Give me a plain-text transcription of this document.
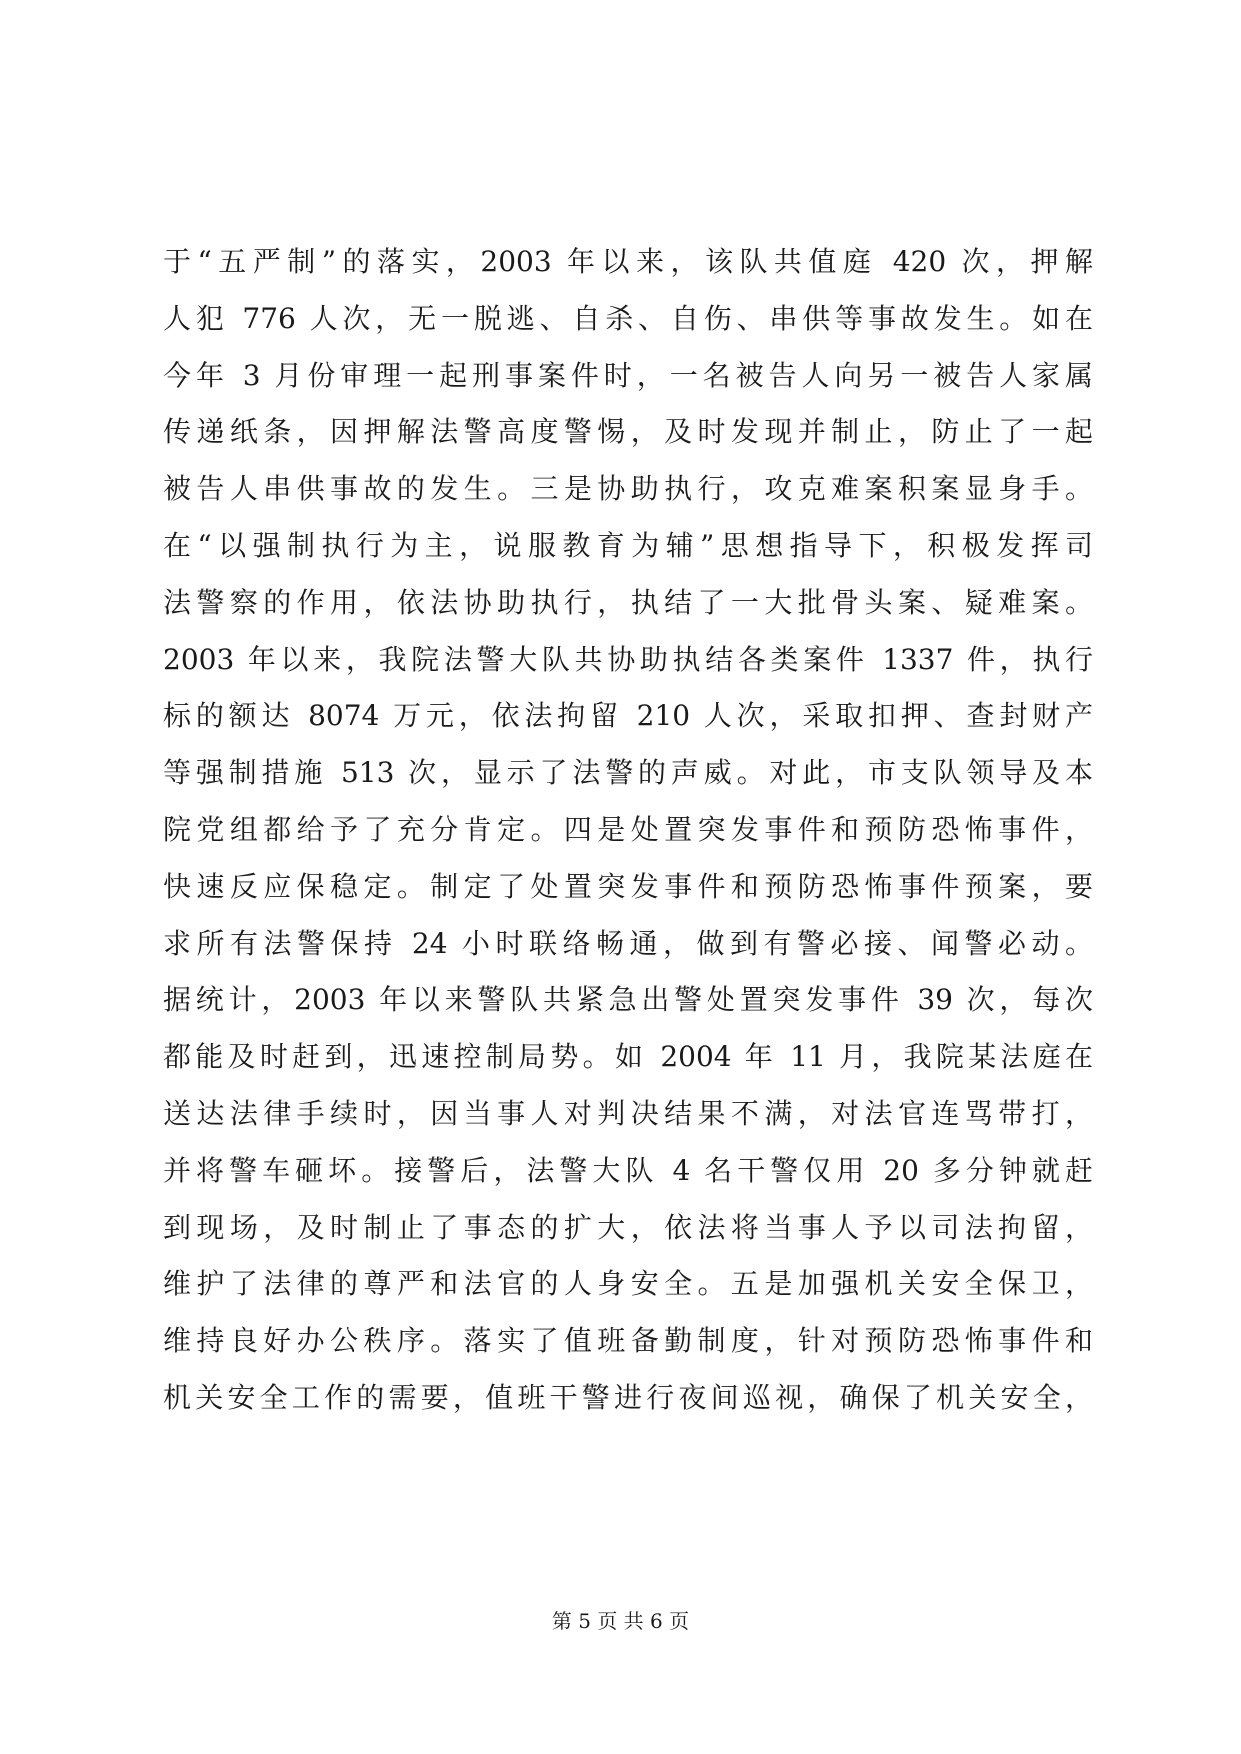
于“五严制”的落实，2003 年以来，该队共值庭 420 次，押解
人犯 776 人次，无一脱逃、自杀、自伤、串供等事故发生。如在
今年 3 月份审理一起刑事案件时，一名被告人向另一被告人家属
传递纸条，因押解法警高度警惕，及时发现并制止，防止了一起
被告人串供事故的发生。三是协助执行，攻克难案积案显身手。
在“以强制执行为主，说服教育为辅”思想指导下，积极发挥司
法警察的作用，依法协助执行，执结了一大批骨头案、疑难案。
2003 年以来，我院法警大队共协助执结各类案件 1337 件，执行
标的额达 8074 万元，依法拘留 210 人次，采取扣押、查封财产
等强制措施 513 次，显示了法警的声威。对此，市支队领导及本
院党组都给予了充分肯定。四是处置突发事件和预防恐怖事件，
快速反应保稳定。制定了处置突发事件和预防恐怖事件预案，要
求所有法警保持 24 小时联络畅通，做到有警必接、闻警必动。
据统计，2003 年以来警队共紧急出警处置突发事件 39 次，每次
都能及时赶到，迅速控制局势。如 2004 年 11 月，我院某法庭在
送达法律手续时，因当事人对判决结果不满，对法官连骂带打，
并将警车砸坏。接警后，法警大队 4 名干警仅用 20 多分钟就赶
到现场，及时制止了事态的扩大，依法将当事人予以司法拘留，
维护了法律的尊严和法官的人身安全。五是加强机关安全保卫，
维持良好办公秩序。落实了值班备勤制度，针对预防恐怖事件和
机关安全工作的需要，值班干警进行夜间巡视，确保了机关安全，
第 5 页 共 6 页
